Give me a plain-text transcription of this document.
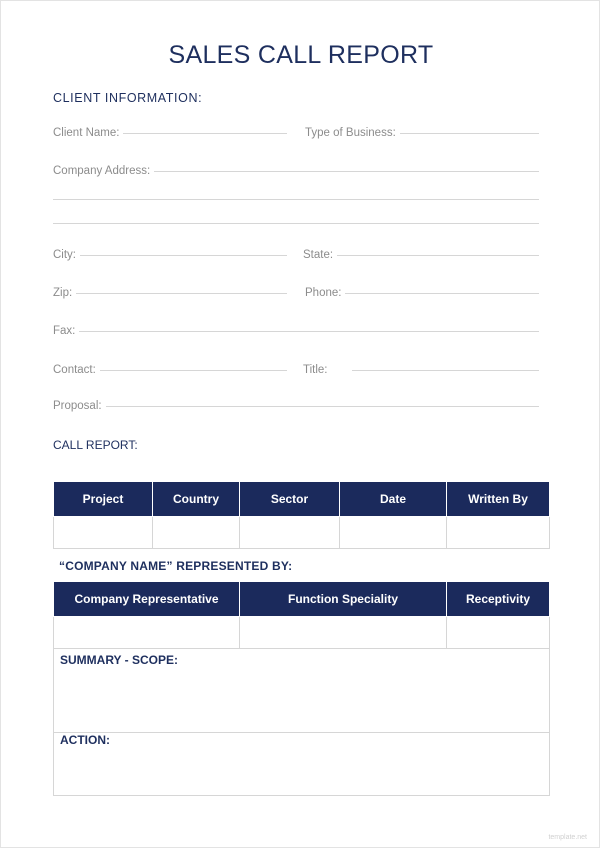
SALES CALL REPORT
CLIENT INFORMATION:
Client Name:	Type of Business:
Company Address:
City:	State:
Zip:	Phone:
Fax:
Contact:	Title:
Proposal:
CALL REPORT:
Project	Country	Sector	Date	Written By

“COMPANY NAME” REPRESENTED BY:
Company Representative	Function Speciality	Receptivity

SUMMARY - SCOPE:
ACTION:
template.net
